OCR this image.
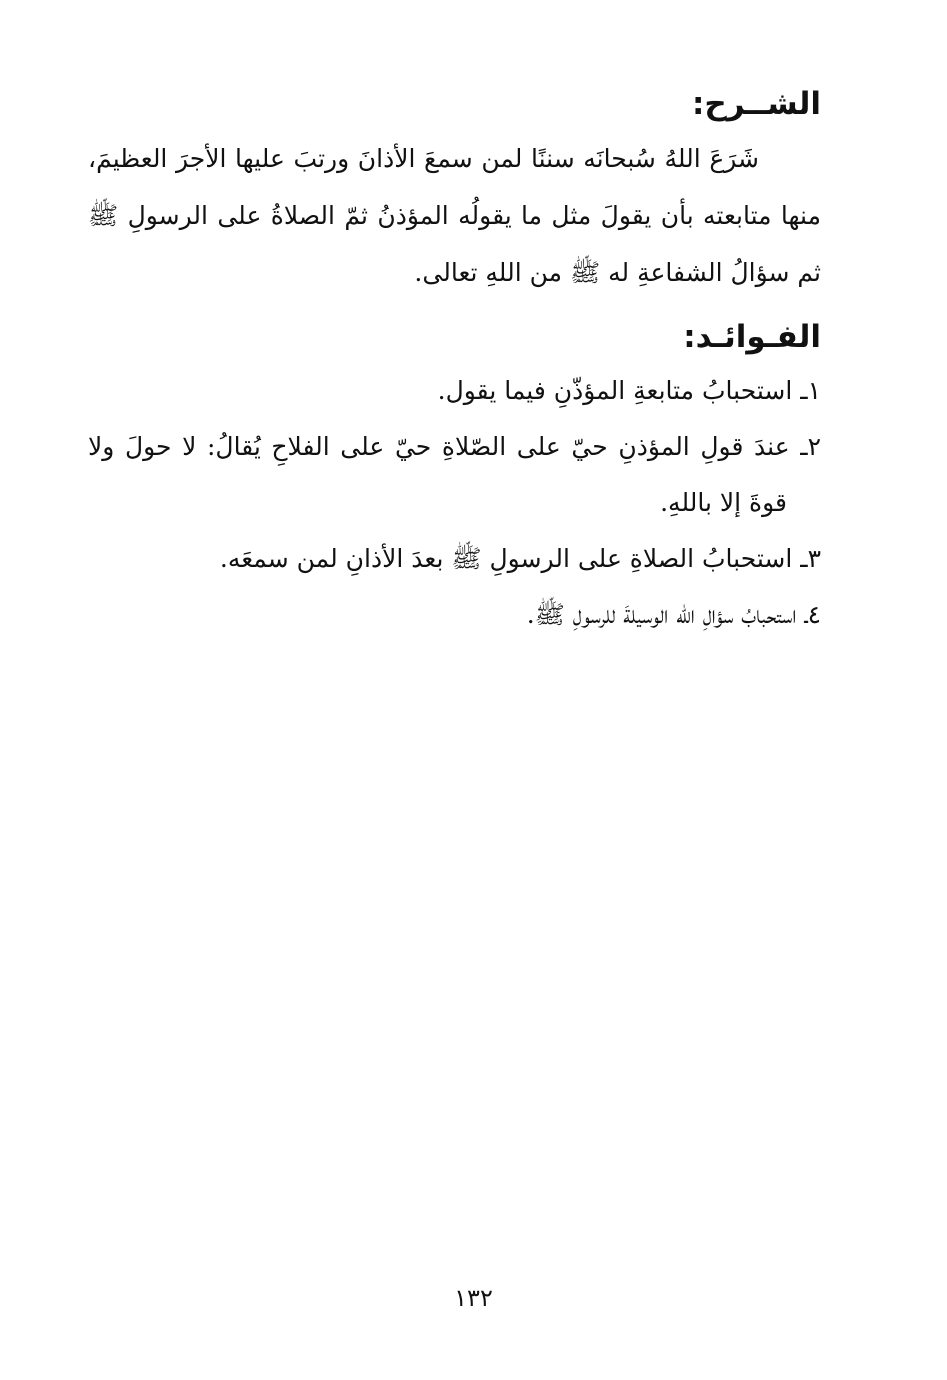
الشــرح:

شَرَعَ اللهُ سُبحانَه سننًا لمن سمعَ الأذانَ ورتبَ عليها الأجرَ العظيمَ، منها متابعته بأن يقولَ مثل ما يقولُه المؤذنُ ثمّ الصلاةُ على الرسولِ ﷺ ثم سؤالُ الشفاعةِ له ﷺ من اللهِ تعالى.

الفـوائـد:
١ـ استحبابُ متابعةِ المؤذّنِ فيما يقول.
٢ـ عندَ قولِ المؤذنِ حيّ على الصّلاةِ حيّ على الفلاحِ يُقالُ: لا حولَ ولا قوةَ إلا باللهِ.
٣ـ استحبابُ الصلاةِ على الرسولِ ﷺ بعدَ الأذانِ لمن سمعَه.
٤ـ استحبابُ سؤالِ الله الوسيلةَ للرسولِ ﷺ.
١٣٢
